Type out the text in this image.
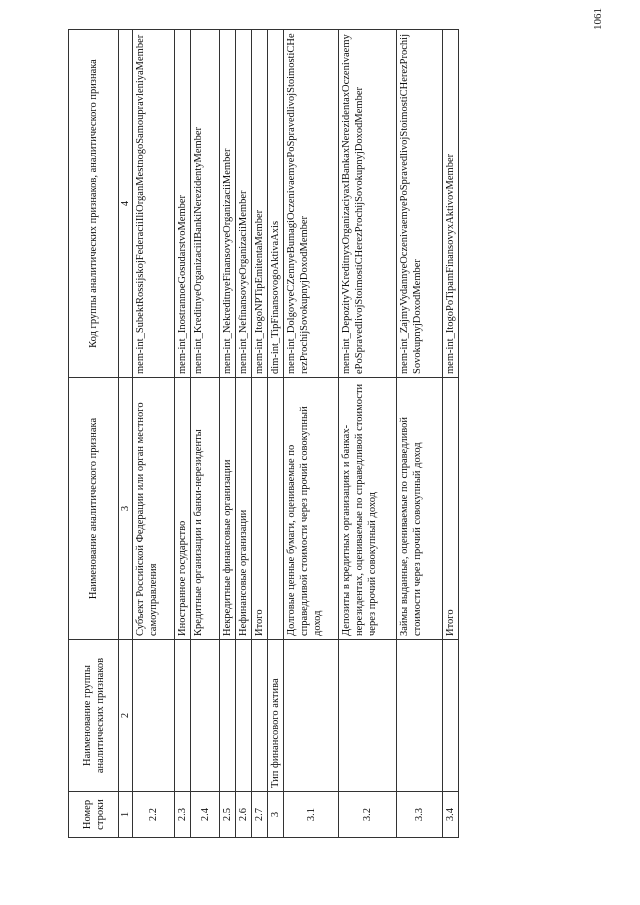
1061
Номер строки	Наименование группы аналитических признаков	Наименование аналитического признака	Код группы аналитических признаков, аналитического признака
1	2	3	4
2.2		Субъект Российской Федерации или орган местного самоуправления	mem-int_SubektRossijskojFederaciiIliOrganMestnogoSamoupravleniyaMember
2.3		Иностранное государство	mem-int_InostrannoeGosudarstvoMember
2.4		Кредитные организации и банки-нерезиденты	mem-int_KreditnyeOrganizaciiIBankiNerezidentyMember
2.5		Некредитные финансовые организации	mem-int_NekreditnyeFinansovyeOrganizaciiMember
2.6		Нефинансовые организации	mem-int_NefinansovyeOrganizaciiMember
2.7		Итого	mem-int_ItogoNPTipEmitentaMember
3	Тип финансового актива		dim-int_TipFinansovogoAktivaAxis
3.1		Долговые ценные бумаги, оцениваемые по справедливой стоимости через прочий совокупный доход	mem-int_DolgovyeCZennyeBumagiOczenivaemyePoSpravedlivojStoimostiCHerezProchijSovokupnyjDoxodMember
3.2		Депозиты в кредитных организациях и банках-нерезидентах, оцениваемые по справедливой стоимости через прочий совокупный доход	mem-int_DepozityVKreditnyxOrganizaciyaxIBankaxNerezidentaxOczenivaemyePoSpravedlivojStoimostiCHerezProchijSovokupnyjDoxodMember
3.3		Займы выданные, оцениваемые по справедливой стоимости через прочий совокупный доход	mem-int_ZajmyVydannyeOczenivaemyePoSpravedlivojStoimostiCHerezProchijSovokupnyjDoxodMember
3.4		Итого	mem-int_ItogoPoTipamFinansovyxAktivovMember
